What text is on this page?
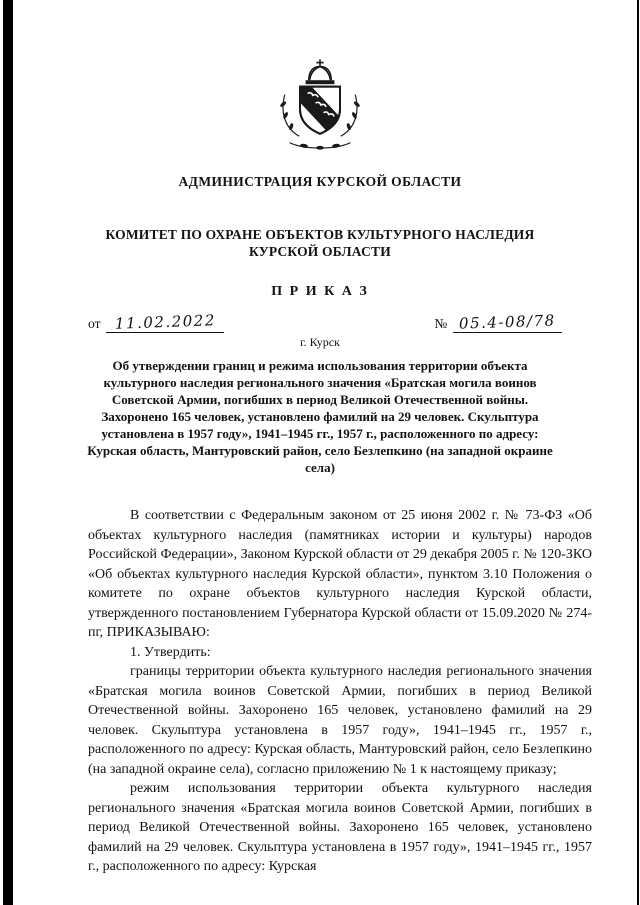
АДМИНИСТРАЦИЯ КУРСКОЙ ОБЛАСТИ
КОМИТЕТ ПО ОХРАНЕ ОБЪЕКТОВ КУЛЬТУРНОГО НАСЛЕДИЯ КУРСКОЙ ОБЛАСТИ
П Р И К А З
от 11.02.2022	№ 05.4-08/78
г. Курск
Об утверждении границ и режима использования территории объекта культурного наследия регионального значения «Братская могила воинов Советской Армии, погибших в период Великой Отечественной войны. Захоронено 165 человек, установлено фамилий на 29 человек. Скульптура установлена в 1957 году», 1941–1945 гг., 1957 г., расположенного по адресу: Курская область, Мантуровский район, село Безлепкино (на западной окраине села)

В соответствии с Федеральным законом от 25 июня 2002 г. № 73-ФЗ «Об объектах культурного наследия (памятниках истории и культуры) народов Российской Федерации», Законом Курской области от 29 декабря 2005 г. № 120-ЗКО «Об объектах культурного наследия Курской области», пунктом 3.10 Положения о комитете по охране объектов культурного наследия Курской области, утвержденного постановлением Губернатора Курской области от 15.09.2020 № 274-пг, ПРИКАЗЫВАЮ:

1. Утвердить:

границы территории объекта культурного наследия регионального значения «Братская могила воинов Советской Армии, погибших в период Великой Отечественной войны. Захоронено 165 человек, установлено фамилий на 29 человек. Скульптура установлена в 1957 году», 1941–1945 гг., 1957 г., расположенного по адресу: Курская область, Мантуровский район, село Безлепкино (на западной окраине села), согласно приложению № 1 к настоящему приказу;

режим использования территории объекта культурного наследия регионального значения «Братская могила воинов Советской Армии, погибших в период Великой Отечественной войны. Захоронено 165 человек, установлено фамилий на 29 человек. Скульптура установлена в 1957 году», 1941–1945 гг., 1957 г., расположенного по адресу: Курская
